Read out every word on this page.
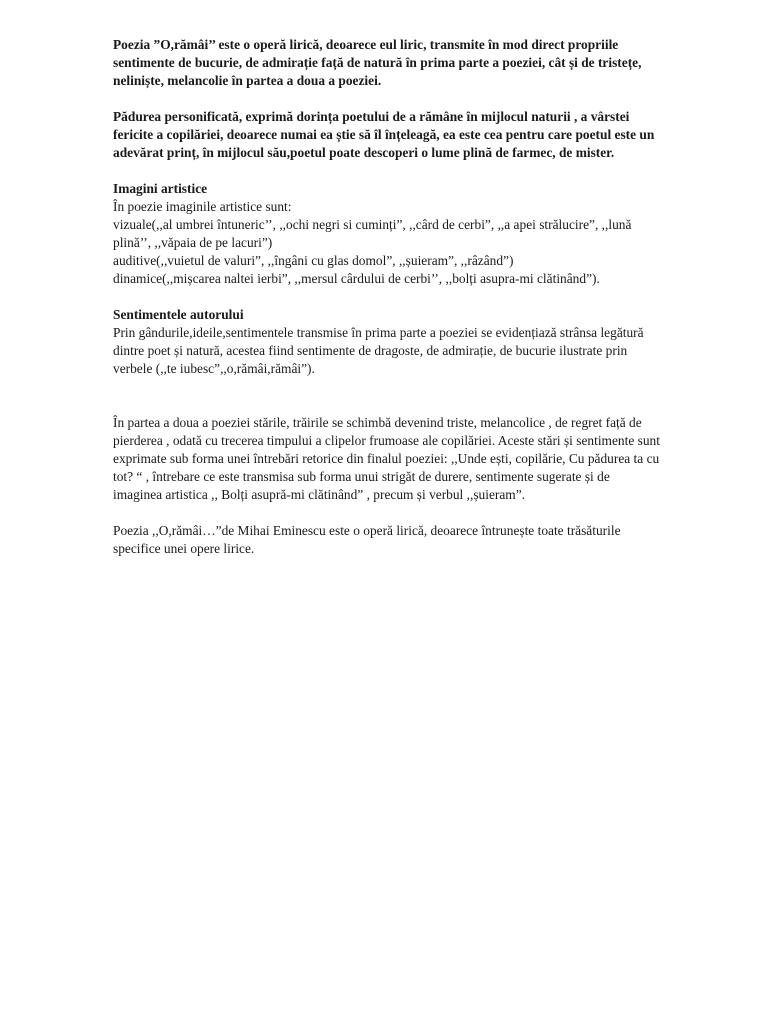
Poezia ”O,rămâi’’ este o operă lirică, deoarece eul liric, transmite în mod direct propriile sentimente de bucurie, de admirație față de natură în prima parte a poeziei, cât și de tristețe, neliniște, melancolie în partea a doua a poeziei.

Pădurea personificată, exprimă dorința poetului de a rămâne în mijlocul naturii , a vârstei fericite a copilăriei, deoarece numai ea știe să îl înțeleagă, ea este cea pentru care poetul este un adevărat prinț, în mijlocul său,poetul poate descoperi o lume plină de farmec, de mister.

Imagini artistice

În poezie imaginile artistice sunt:

vizuale(,,al umbrei întuneric’’, ,,ochi negri si cuminți”, ,,cârd de cerbi”, ,,a apei strălucire”, ,,lună plină’’, ,,văpaia de pe lacuri”)

auditive(,,vuietul de valuri”, ,,îngâni cu glas domol”, ,,șuieram”, ,,râzând”)

dinamice(,,mișcarea naltei ierbi”, ,,mersul cârdului de cerbi’’, ,,bolți asupra-mi clătinând”).

Sentimentele autorului

Prin gândurile,ideile,sentimentele transmise în prima parte a poeziei se evidențiază strânsa legătură dintre poet și natură, acestea fiind sentimente de dragoste, de admirație, de bucurie ilustrate prin verbele (,,te iubesc”,,o,rămâi,rămâi”).

În partea a doua a poeziei stările, trăirile se schimbă devenind triste, melancolice , de regret față de pierderea , odată cu trecerea timpului a clipelor frumoase ale copilăriei. Aceste stări și sentimente sunt exprimate sub forma unei întrebări retorice din finalul poeziei: ,,Unde ești, copilărie, Cu pădurea ta cu tot? “ , întrebare ce este transmisa sub forma unui strigăt de durere, sentimente sugerate și de imaginea artistica ,, Bolți asupră-mi clătinând” , precum și verbul ,,șuieram”.

Poezia ,,O,rămâi…”de Mihai Eminescu este o operă lirică, deoarece întrunește toate trăsăturile specifice unei opere lirice.
